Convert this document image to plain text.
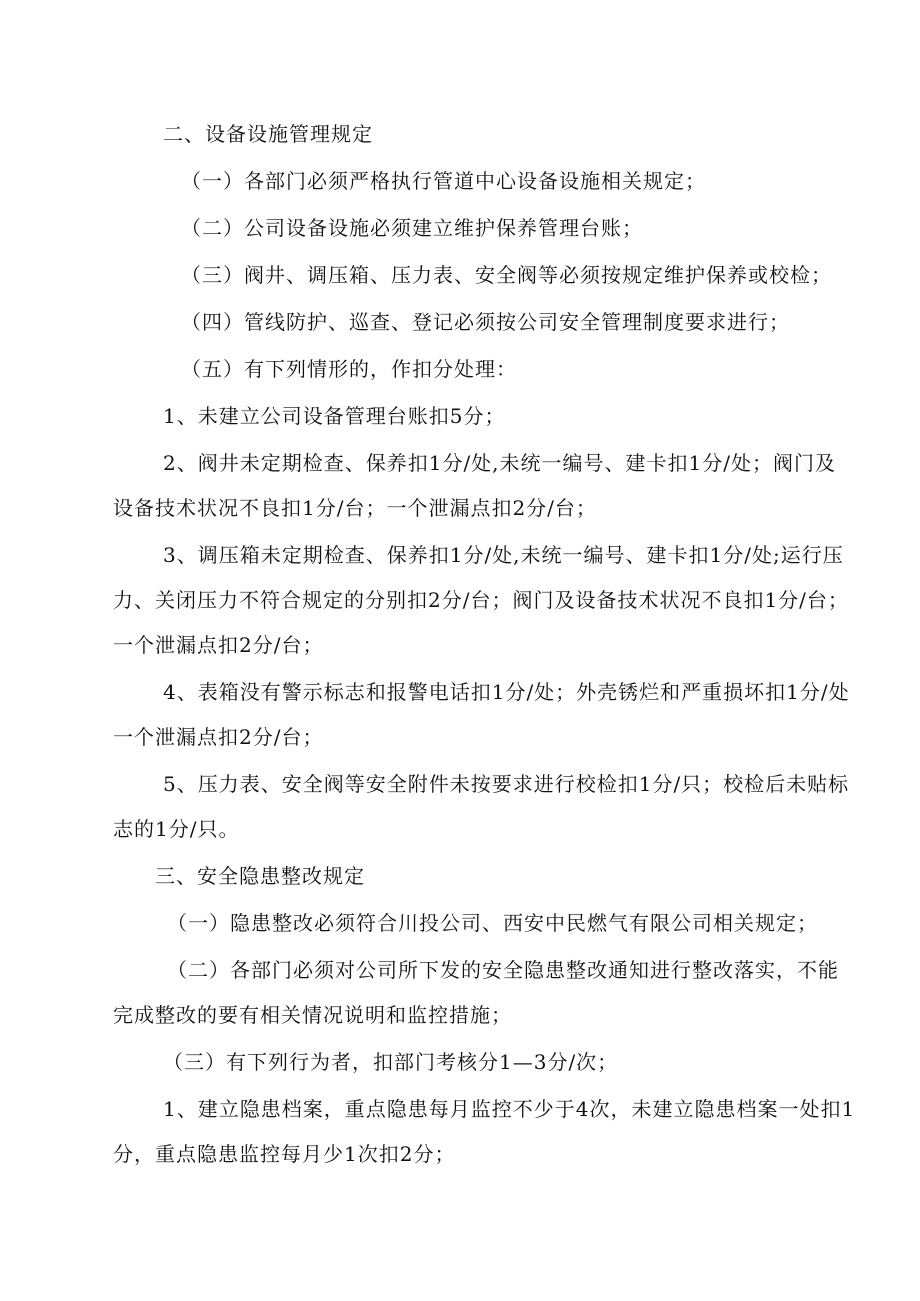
二、设备设施管理规定
（一）各部门必须严格执行管道中心设备设施相关规定；
（二）公司设备设施必须建立维护保养管理台账；
（三）阀井、调压箱、压力表、安全阀等必须按规定维护保养或校检；
（四）管线防护、巡查、登记必须按公司安全管理制度要求进行；
（五）有下列情形的，作扣分处理：
1、未建立公司设备管理台账扣5分；
2、阀井未定期检查、保养扣1分/处,未统一编号、建卡扣1分/处；阀门及
设备技术状况不良扣1分/台；一个泄漏点扣2分/台；
3、调压箱未定期检查、保养扣1分/处,未统一编号、建卡扣1分/处;运行压
力、关闭压力不符合规定的分别扣2分/台；阀门及设备技术状况不良扣1分/台；
一个泄漏点扣2分/台；
4、表箱没有警示标志和报警电话扣1分/处；外壳锈烂和严重损坏扣1分/处
一个泄漏点扣2分/台；
5、压力表、安全阀等安全附件未按要求进行校检扣1分/只；校检后未贴标
志的1分/只。
三、安全隐患整改规定
（一）隐患整改必须符合川投公司、西安中民燃气有限公司相关规定；
（二）各部门必须对公司所下发的安全隐患整改通知进行整改落实，不能
完成整改的要有相关情况说明和监控措施；
（三）有下列行为者，扣部门考核分1—3分/次；
1、建立隐患档案，重点隐患每月监控不少于4次，未建立隐患档案一处扣1
分，重点隐患监控每月少1次扣2分；
